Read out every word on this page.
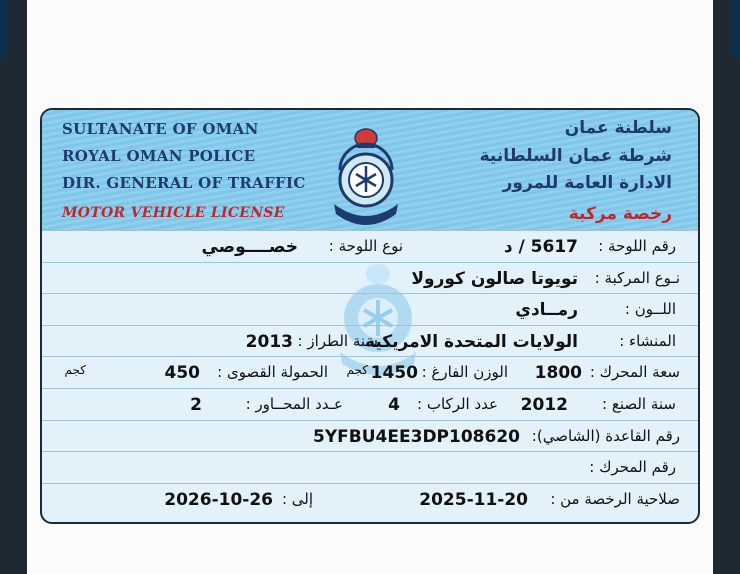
SULTANATE OF OMAN
ROYAL OMAN POLICE
DIR. GENERAL OF TRAFFIC
MOTOR VEHICLE LICENSE
سلطنة عمان
شرطة عمان السلطانية
الادارة العامة للمرور
رخصة مركبة
رقم اللوحة :
5617 / د
نوع اللوحة :
خصــــوصي
نـوع المركبة :
تويوتا صالون كورولا
اللــون :
رمــادي
المنشاء :
الولايات المتحدة الامريكية
سنة الطراز :
2013
سعة المحرك :
1800
الوزن الفارغ :
1450
كجم
الحمولة القصوى :
450
كجم
سنة الصنع :
2012
عدد الركاب :
4
عـدد المحــاور :
2
رقم القاعدة (الشاصي):
5YFBU4EE3DP108620
رقم المحرك :
صلاحية الرخصة من :
2025-11-20
إلى :
2026-10-26
